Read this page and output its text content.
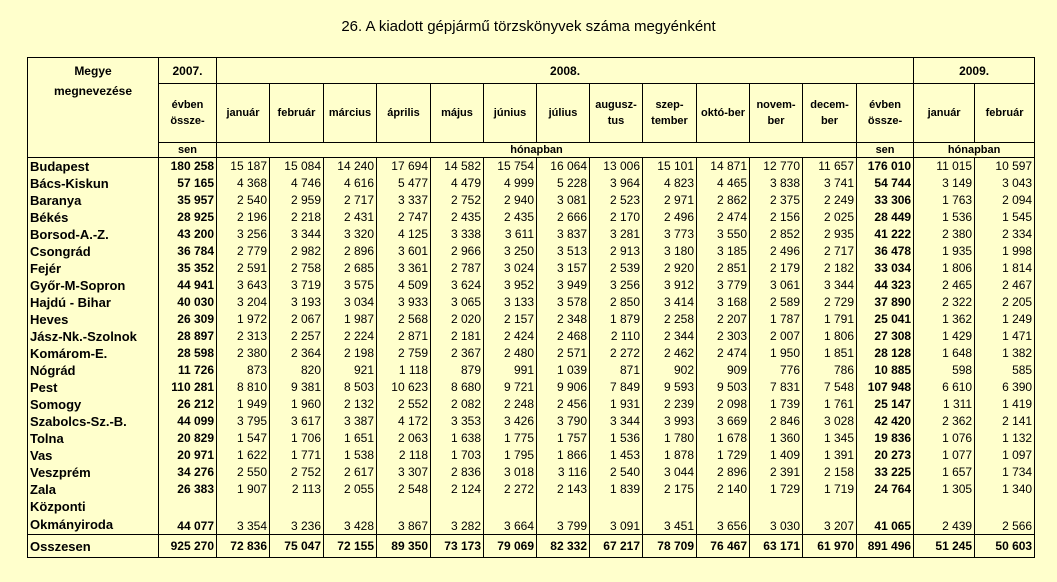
26. A kiadott gépjármű törzskönyvek száma megyénként
Megye
megnevezése	2007.	2008.													2009.	
	évben össze-	január	február	március	április	május	június	július	augusz-tus	szep-tember	októ-ber	novem-ber	decem-ber	évben össze-	január	február
	sen	hónapban												sen	hónapban	
Budapest	180 258	15 187	15 084	14 240	17 694	14 582	15 754	16 064	13 006	15 101	14 871	12 770	11 657	176 010	11 015	10 597
Bács-Kiskun	57 165	4 368	4 746	4 616	5 477	4 479	4 999	5 228	3 964	4 823	4 465	3 838	3 741	54 744	3 149	3 043
Baranya	35 957	2 540	2 959	2 717	3 337	2 752	2 940	3 081	2 523	2 971	2 862	2 375	2 249	33 306	1 763	2 094
Békés	28 925	2 196	2 218	2 431	2 747	2 435	2 435	2 666	2 170	2 496	2 474	2 156	2 025	28 449	1 536	1 545
Borsod-A.-Z.	43 200	3 256	3 344	3 320	4 125	3 338	3 611	3 837	3 281	3 773	3 550	2 852	2 935	41 222	2 380	2 334
Csongrád	36 784	2 779	2 982	2 896	3 601	2 966	3 250	3 513	2 913	3 180	3 185	2 496	2 717	36 478	1 935	1 998
Fejér	35 352	2 591	2 758	2 685	3 361	2 787	3 024	3 157	2 539	2 920	2 851	2 179	2 182	33 034	1 806	1 814
Győr-M-Sopron	44 941	3 643	3 719	3 575	4 509	3 624	3 952	3 949	3 256	3 912	3 779	3 061	3 344	44 323	2 465	2 467
Hajdú - Bihar	40 030	3 204	3 193	3 034	3 933	3 065	3 133	3 578	2 850	3 414	3 168	2 589	2 729	37 890	2 322	2 205
Heves	26 309	1 972	2 067	1 987	2 568	2 020	2 157	2 348	1 879	2 258	2 207	1 787	1 791	25 041	1 362	1 249
Jász-Nk.-Szolnok	28 897	2 313	2 257	2 224	2 871	2 181	2 424	2 468	2 110	2 344	2 303	2 007	1 806	27 308	1 429	1 471
Komárom-E.	28 598	2 380	2 364	2 198	2 759	2 367	2 480	2 571	2 272	2 462	2 474	1 950	1 851	28 128	1 648	1 382
Nógrád	11 726	873	820	921	1 118	879	991	1 039	871	902	909	776	786	10 885	598	585
Pest	110 281	8 810	9 381	8 503	10 623	8 680	9 721	9 906	7 849	9 593	9 503	7 831	7 548	107 948	6 610	6 390
Somogy	26 212	1 949	1 960	2 132	2 552	2 082	2 248	2 456	1 931	2 239	2 098	1 739	1 761	25 147	1 311	1 419
Szabolcs-Sz.-B.	44 099	3 795	3 617	3 387	4 172	3 353	3 426	3 790	3 344	3 993	3 669	2 846	3 028	42 420	2 362	2 141
Tolna	20 829	1 547	1 706	1 651	2 063	1 638	1 775	1 757	1 536	1 780	1 678	1 360	1 345	19 836	1 076	1 132
Vas	20 971	1 622	1 771	1 538	2 118	1 703	1 795	1 866	1 453	1 878	1 729	1 409	1 391	20 273	1 077	1 097
Veszprém	34 276	2 550	2 752	2 617	3 307	2 836	3 018	3 116	2 540	3 044	2 896	2 391	2 158	33 225	1 657	1 734
Zala	26 383	1 907	2 113	2 055	2 548	2 124	2 272	2 143	1 839	2 175	2 140	1 729	1 719	24 764	1 305	1 340

Központi
Okmányiroda	44 077	3 354	3 236	3 428	3 867	3 282	3 664	3 799	3 091	3 451	3 656	3 030	3 207	41 065	2 439	2 566
Osszesen	925 270	72 836	75 047	72 155	89 350	73 173	79 069	82 332	67 217	78 709	76 467	63 171	61 970	891 496	51 245	50 603
